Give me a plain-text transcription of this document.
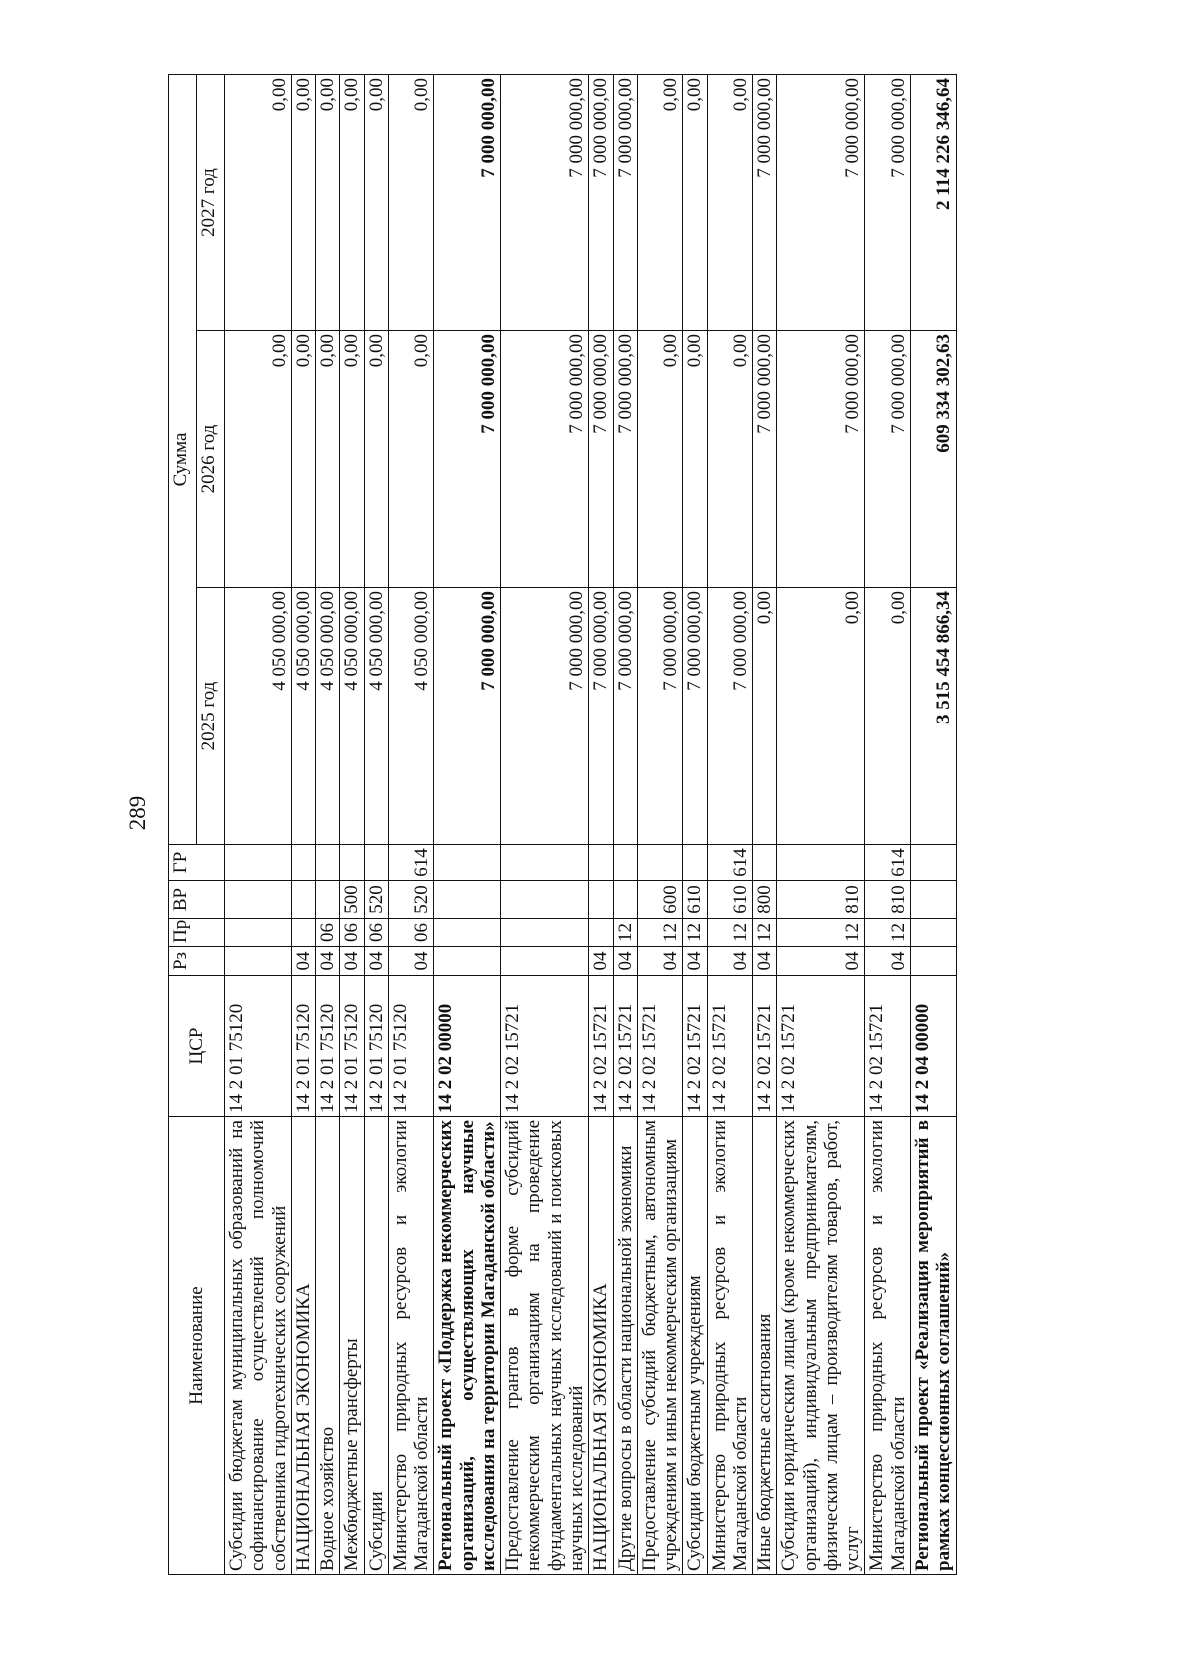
289
Наименование	ЦСР	Рз	Пр	ВР	ГР	Сумма		
						2025 год	2026 год	2027 год
Субсидии бюджетам муниципальных образований на софинансирование осуществлений полномочий собственника гидротехнических сооружений	14 2 01 75120					4 050 000,00	0,00	0,00
НАЦИОНАЛЬНАЯ ЭКОНОМИКА	14 2 01 75120	04				4 050 000,00	0,00	0,00
Водное хозяйство	14 2 01 75120	04	06			4 050 000,00	0,00	0,00
Межбюджетные трансферты	14 2 01 75120	04	06	500		4 050 000,00	0,00	0,00
Субсидии	14 2 01 75120	04	06	520		4 050 000,00	0,00	0,00
Министерство природных ресурсов и экологии Магаданской области	14 2 01 75120	04	06	520	614	4 050 000,00	0,00	0,00
Региональный проект «Поддержка некоммерческих организаций, осуществляющих научные исследования на территории Магаданской области»	14 2 02 00000					7 000 000,00	7 000 000,00	7 000 000,00
Предоставление грантов в форме субсидий некоммерческим организациям на проведение фундаментальных научных исследований и поисковых научных исследований	14 2 02 15721					7 000 000,00	7 000 000,00	7 000 000,00
НАЦИОНАЛЬНАЯ ЭКОНОМИКА	14 2 02 15721	04				7 000 000,00	7 000 000,00	7 000 000,00
Другие вопросы в области национальной экономики	14 2 02 15721	04	12			7 000 000,00	7 000 000,00	7 000 000,00
Предоставление субсидий бюджетным, автономным учреждениям и иным некоммерческим организациям	14 2 02 15721	04	12	600		7 000 000,00	0,00	0,00
Субсидии бюджетным учреждениям	14 2 02 15721	04	12	610		7 000 000,00	0,00	0,00
Министерство природных ресурсов и экологии Магаданской области	14 2 02 15721	04	12	610	614	7 000 000,00	0,00	0,00
Иные бюджетные ассигнования	14 2 02 15721	04	12	800		0,00	7 000 000,00	7 000 000,00
Субсидии юридическим лицам (кроме некоммерческих организаций), индивидуальным предпринимателям, физическим лицам – производителям товаров, работ, услуг	14 2 02 15721	04	12	810		0,00	7 000 000,00	7 000 000,00
Министерство природных ресурсов и экологии Магаданской области	14 2 02 15721	04	12	810	614	0,00	7 000 000,00	7 000 000,00
Региональный проект «Реализация мероприятий в рамках концессионных соглашений»	14 2 04 00000					3 515 454 866,34	609 334 302,63	2 114 226 346,64
